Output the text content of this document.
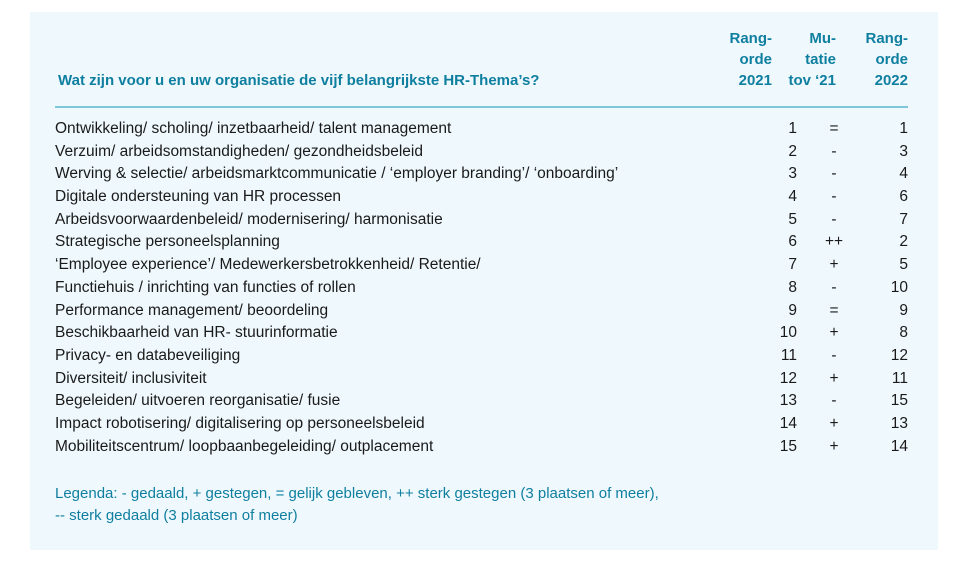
Wat zijn voor u en uw organisatie de vijf belangrijkste HR-Thema’s?
Rang-
orde
2021
Mu-
tatie
tov ‘21
Rang-
orde
2022
Ontwikkeling/ scholing/ inzetbaarheid/ talent management	1	=	1
Verzuim/ arbeidsomstandigheden/ gezondheidsbeleid	2	-	3
Werving & selectie/ arbeidsmarktcommunicatie / ‘employer branding’/ ‘onboarding’	3	-	4
Digitale ondersteuning van HR processen	4	-	6
Arbeidsvoorwaardenbeleid/ modernisering/ harmonisatie	5	-	7
Strategische personeelsplanning	6	++	2
‘Employee experience’/ Medewerkersbetrokkenheid/ Retentie/	7	+	5
Functiehuis / inrichting van functies of rollen	8	-	10
Performance management/ beoordeling	9	=	9
Beschikbaarheid van HR- stuurinformatie	10	+	8
Privacy- en databeveiliging	11	-	12
Diversiteit/ inclusiviteit	12	+	11
Begeleiden/ uitvoeren reorganisatie/ fusie	13	-	15
Impact robotisering/ digitalisering op personeelsbeleid	14	+	13
Mobiliteitscentrum/ loopbaanbegeleiding/ outplacement	15	+	14
Legenda: - gedaald, + gestegen, = gelijk gebleven, ++ sterk gestegen (3 plaatsen of meer),
-- sterk gedaald (3 plaatsen of meer)
